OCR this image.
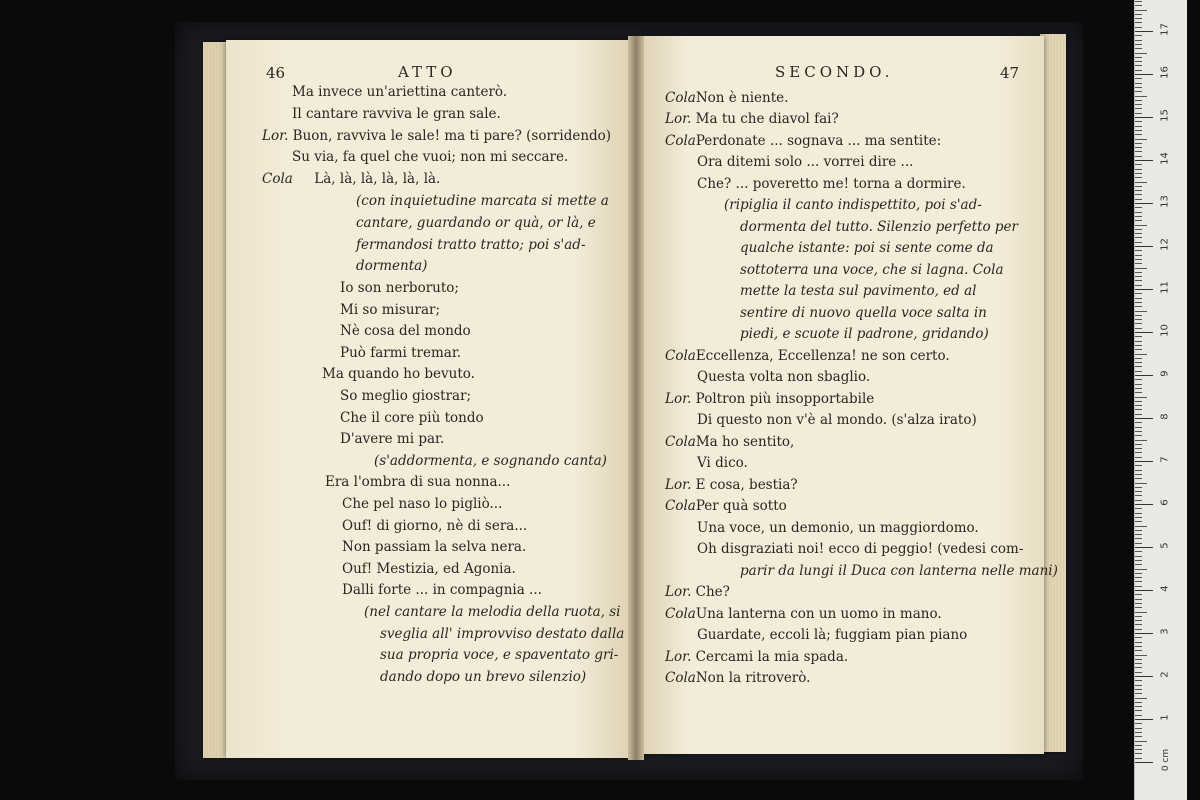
46	ATTO	SECONDO.	47
Ma invece un'ariettina canterò.
Il cantare ravviva le gran sale.
Lor. Buon, ravviva le sale! ma ti pare? (sorridendo)
Su via, fa quel che vuoi; non mi seccare.
Cola Là, là, là, là, là, là.
(con inquietudine marcata si mette a
cantare, guardando or quà, or là, e
fermandosi tratto tratto; poi s'ad-
dormenta)
Io son nerboruto;
Mi so misurar;
Nè cosa del mondo
Può farmi tremar.
Ma quando ho bevuto.
So meglio giostrar;
Che il core più tondo
D'avere mi par.
(s'addormenta, e sognando canta)
Era l'ombra di sua nonna...
Che pel naso lo pigliò...
Ouf! di giorno, nè di sera...
Non passiam la selva nera.
Ouf! Mestizia, ed Agonia.
Dalli forte ... in compagnia ...
(nel cantare la melodia della ruota, si
sveglia all' improvviso destato dalla
sua propria voce, e spaventato gri-
dando dopo un brevo silenzio)
ColaNon è niente.
Lor. Ma tu che diavol fai?
ColaPerdonate ... sognava ... ma sentite:
Ora ditemi solo ... vorrei dire ...
Che? ... poveretto me! torna a dormire.
(ripiglia il canto indispettito, poi s'ad-
dormenta del tutto. Silenzio perfetto per
qualche istante: poi si sente come da
sottoterra una voce, che si lagna. Cola
mette la testa sul pavimento, ed al
sentire di nuovo quella voce salta in
piedi, e scuote il padrone, gridando)
ColaEccellenza, Eccellenza! ne son certo.
Questa volta non sbaglio.
Lor. Poltron più insopportabile
Di questo non v'è al mondo. (s'alza irato)
ColaMa ho sentito,
Vi dico.
Lor. E cosa, bestia?
ColaPer quà sotto
Una voce, un demonio, un maggiordomo.
Oh disgraziati noi! ecco di peggio! (vedesi com-
parir da lungi il Duca con lanterna nelle mani)
Lor. Che?
ColaUna lanterna con un uomo in mano.
Guardate, eccoli là; fuggiam pian piano
Lor. Cercami la mia spada.
ColaNon la ritroverò.
0 cm
1
2
3
4
5
6
7
8
9
10
11
12
13
14
15
16
17
